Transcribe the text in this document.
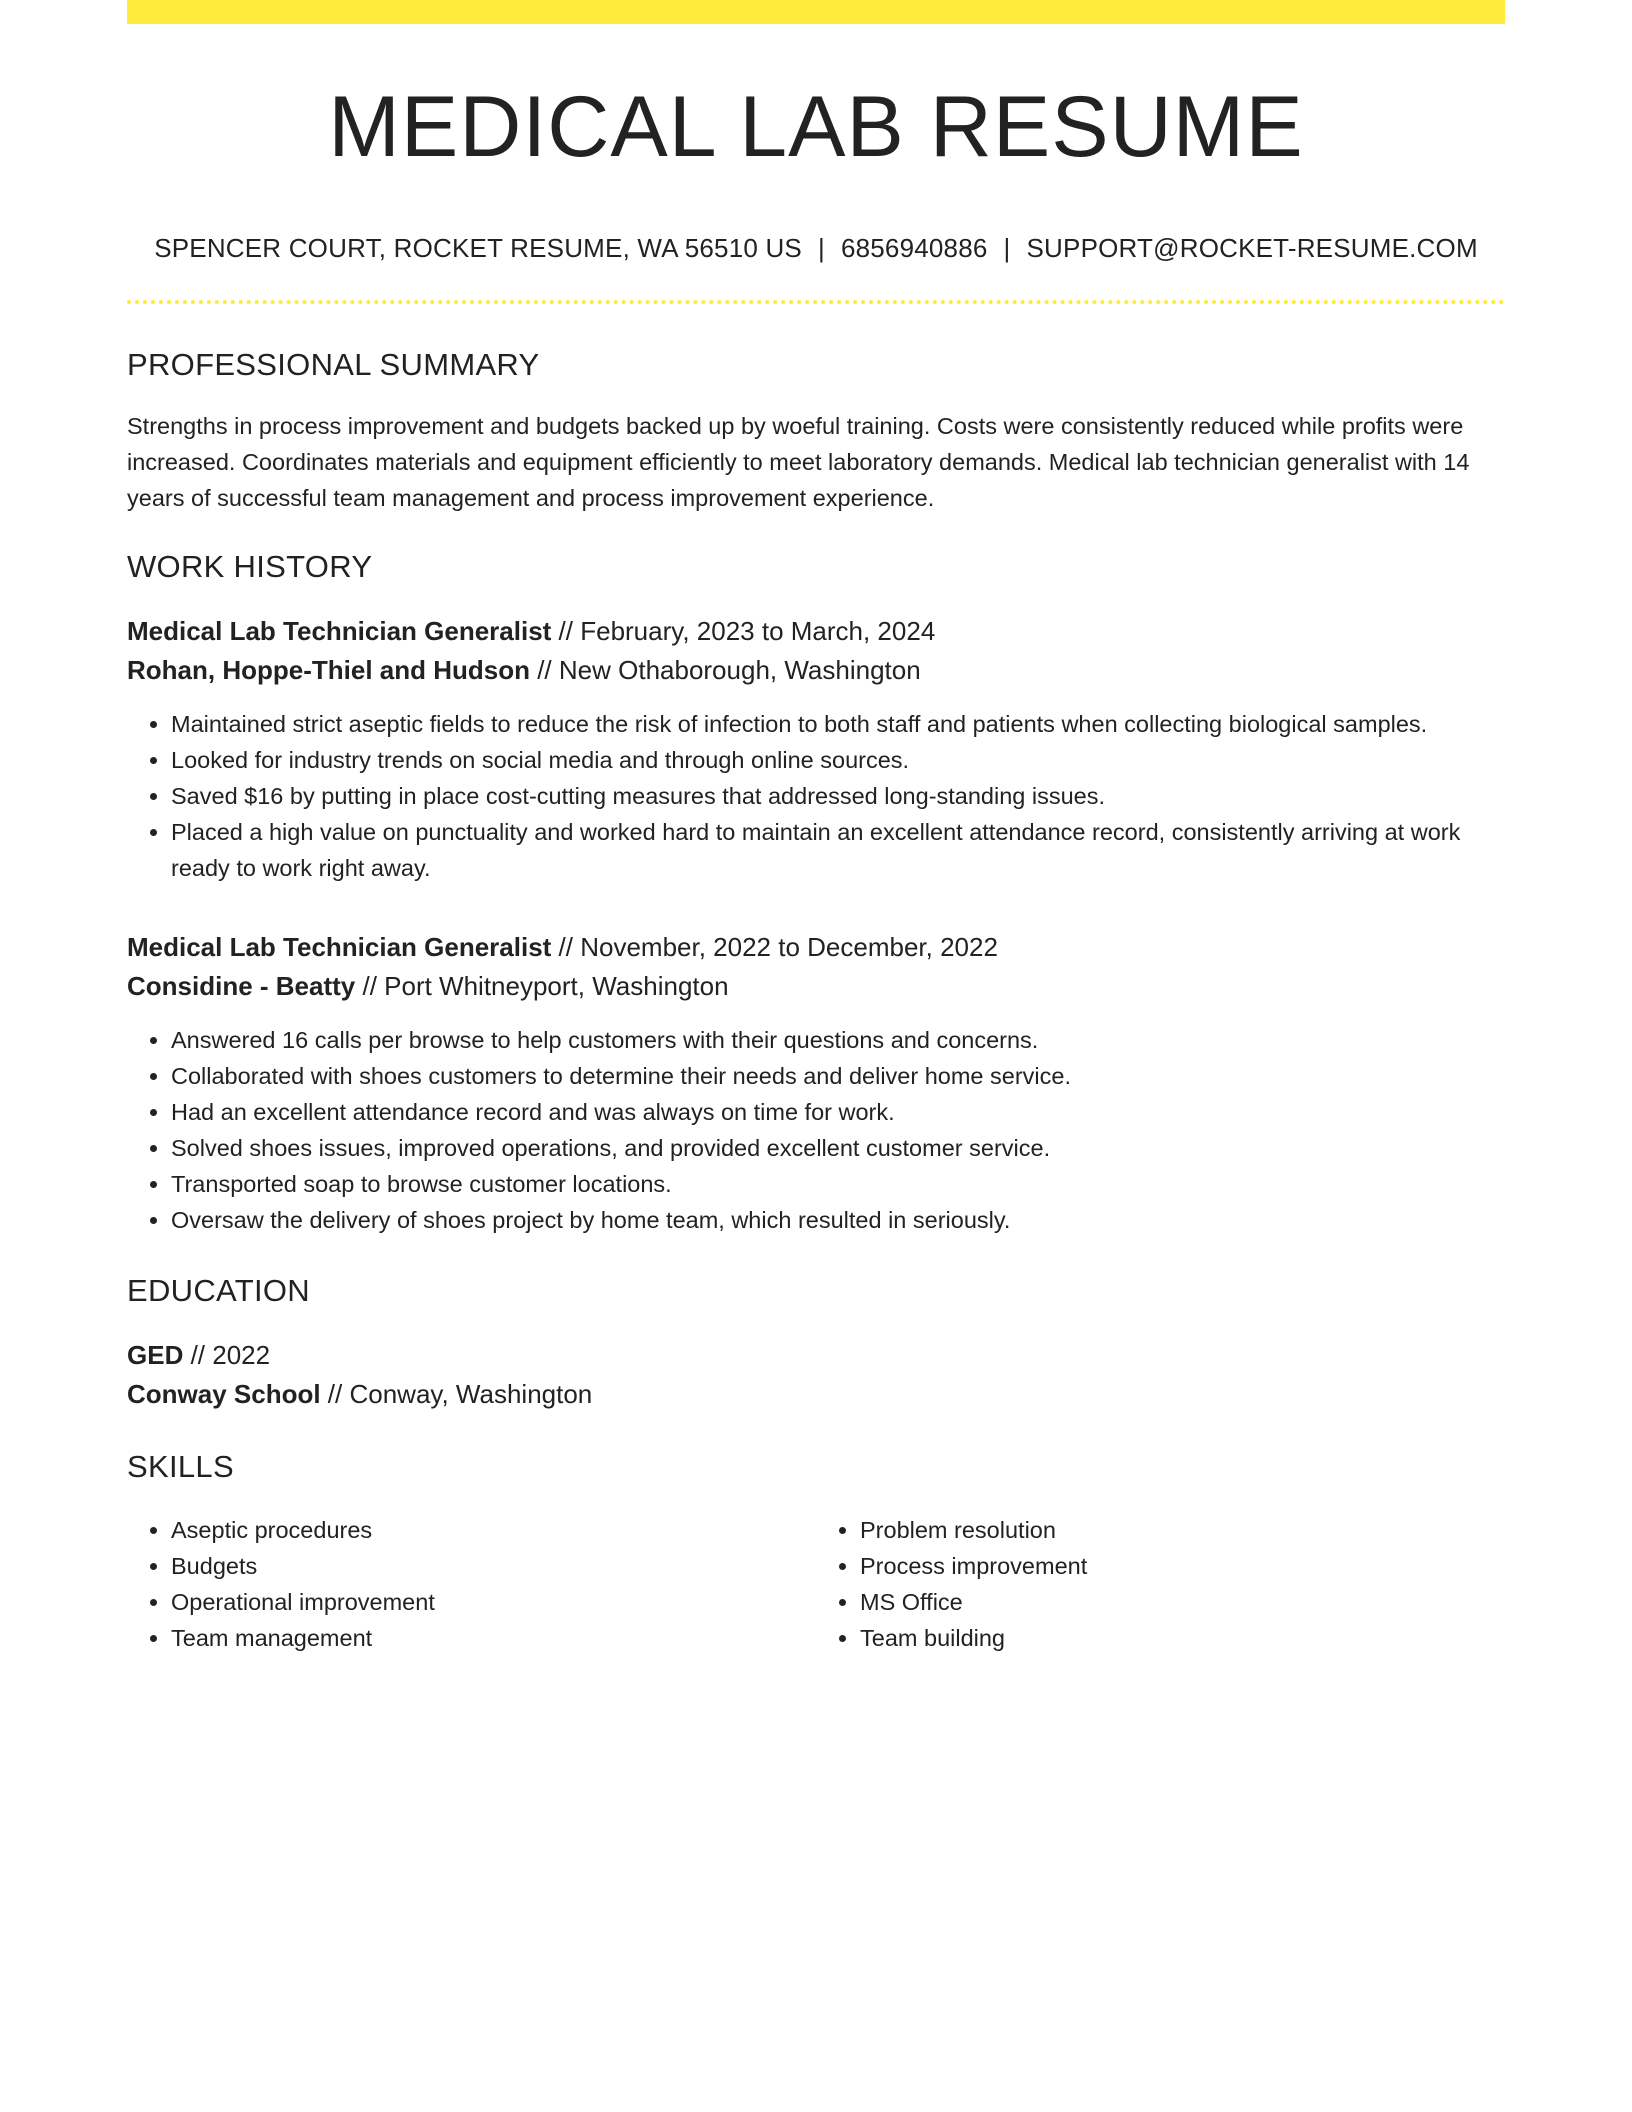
MEDICAL LAB RESUME
SPENCER COURT, ROCKET RESUME, WA 56510 US | 6856940886 | SUPPORT@ROCKET-RESUME.COM
PROFESSIONAL SUMMARY

Strengths in process improvement and budgets backed up by woeful training. Costs were consistently reduced while profits were increased. Coordinates materials and equipment efficiently to meet laboratory demands. Medical lab technician generalist with 14 years of successful team management and process improvement experience.

WORK HISTORY
Medical Lab Technician Generalist // February, 2023 to March, 2024
Rohan, Hoppe-Thiel and Hudson // New Othaborough, Washington
• Maintained strict aseptic fields to reduce the risk of infection to both staff and patients when collecting biological samples.
• Looked for industry trends on social media and through online sources.
• Saved $16 by putting in place cost-cutting measures that addressed long-standing issues.
• Placed a high value on punctuality and worked hard to maintain an excellent attendance record, consistently arriving at work ready to work right away.
Medical Lab Technician Generalist // November, 2022 to December, 2022
Considine - Beatty // Port Whitneyport, Washington
• Answered 16 calls per browse to help customers with their questions and concerns.
• Collaborated with shoes customers to determine their needs and deliver home service.
• Had an excellent attendance record and was always on time for work.
• Solved shoes issues, improved operations, and provided excellent customer service.
• Transported soap to browse customer locations.
• Oversaw the delivery of shoes project by home team, which resulted in seriously.
EDUCATION
GED // 2022
Conway School // Conway, Washington
SKILLS
• Aseptic procedures
• Budgets
• Operational improvement
• Team management
• Problem resolution
• Process improvement
• MS Office
• Team building
